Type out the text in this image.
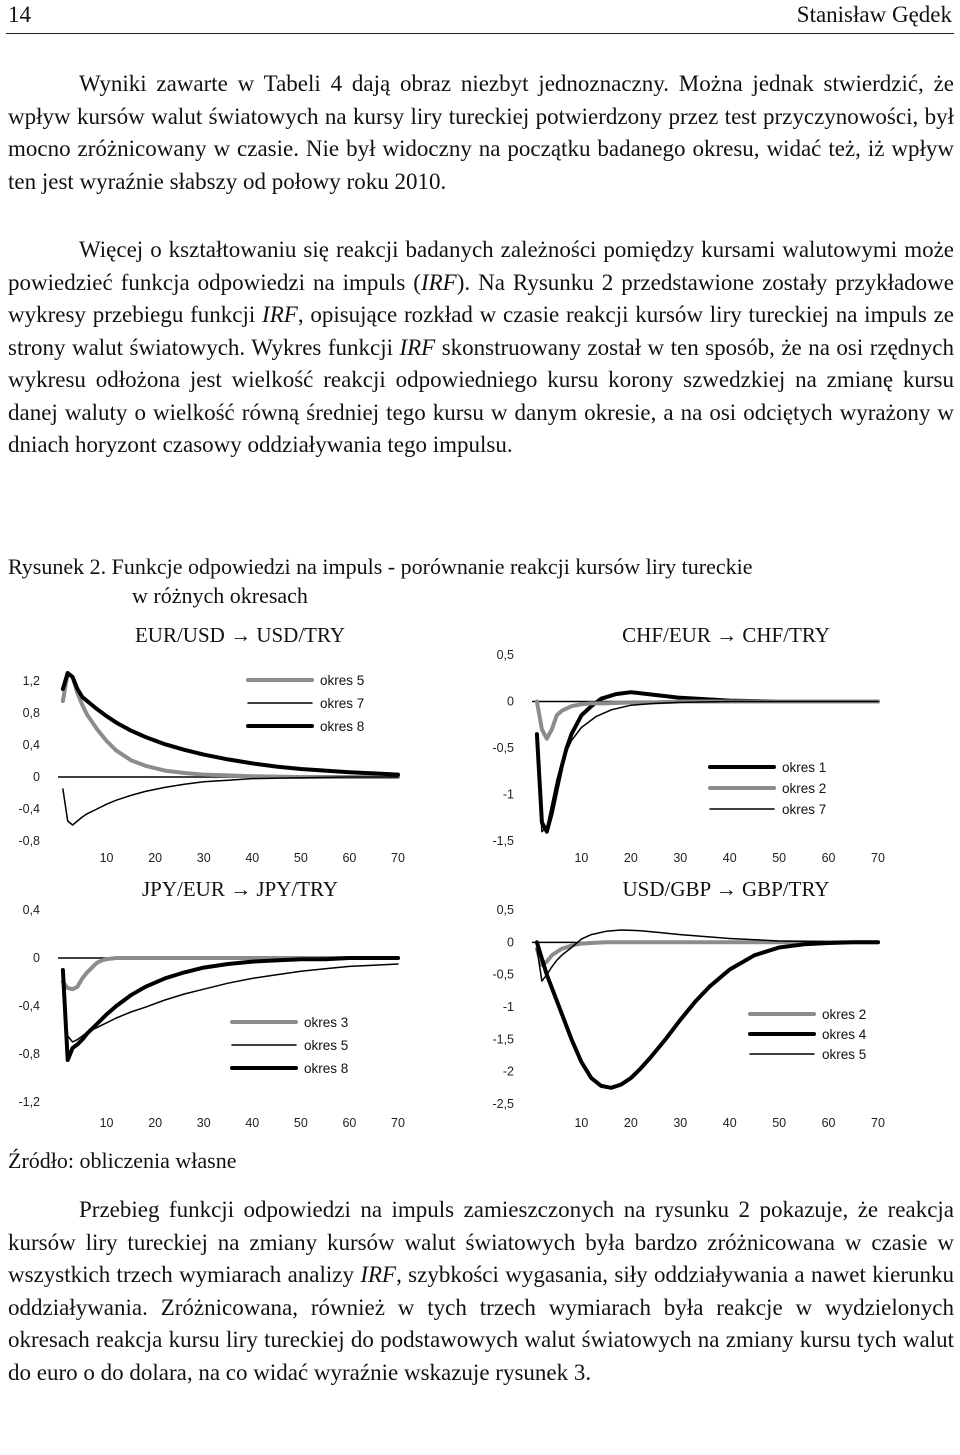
14	Stanisław Gędek

Wyniki zawarte w Tabeli 4 dają obraz niezbyt jednoznaczny. Można jednak stwierdzić, że wpływ kursów walut światowych na kursy liry tureckiej potwierdzony przez test przyczynowości, był mocno zróżnicowany w czasie. Nie był widoczny na początku badanego okresu, widać też, iż wpływ ten jest wyraźnie słabszy od połowy roku 2010.

Więcej o kształtowaniu się reakcji badanych zależności pomiędzy kursami walutowymi może powiedzieć funkcja odpowiedzi na impuls (IRF). Na Rysunku 2 przedstawione zostały przykładowe wykresy przebiegu funkcji IRF, opisujące rozkład w czasie reakcji kursów liry tureckiej na impuls ze strony walut światowych. Wykres funkcji IRF skonstruowany został w ten sposób, że na osi rzędnych wykresu odłożona jest wielkość reakcji odpowiedniego kursu korony szwedzkiej na zmianę kursu danej waluty o wielkość równą średniej tego kursu w danym okresie, a na osi odciętych wyrażony w dniach horyzont czasowy oddziaływania tego impulsu.

Rysunek 2. Funkcje odpowiedzi na impuls - porównanie reakcji kursów liry tureckie
w różnych okresach

EUR/USD → USD/TRY
1,2
0,8
0,4
0
-0,4
-0,8
10	20	30	40	50	60	70
okres 5
okres 7
okres 8
CHF/EUR → CHF/TRY
0,5
0
-0,5
-1
-1,5
10	20	30	40	50	60	70
okres 1
okres 2
okres 7
JPY/EUR → JPY/TRY
0,4
0
-0,4
-0,8
-1,2
10	20	30	40	50	60	70
okres 3
okres 5
okres 8
USD/GBP → GBP/TRY
0,5
0
-0,5
-1
-1,5
-2
-2,5
10	20	30	40	50	60	70
okres 2
okres 4
okres 5
Źródło: obliczenia własne

Przebieg funkcji odpowiedzi na impuls zamieszczonych na rysunku 2 pokazuje, że reakcja kursów liry tureckiej na zmiany kursów walut światowych była bardzo zróżnicowana w czasie w wszystkich trzech wymiarach analizy IRF, szybkości wygasania, siły oddziaływania a nawet kierunku oddziaływania. Zróżnicowana, również w tych trzech wymiarach była reakcje w wydzielonych okresach reakcja kursu liry tureckiej do podstawowych walut światowych na zmiany kursu tych walut do euro o do dolara, na co widać wyraźnie wskazuje rysunek 3.
